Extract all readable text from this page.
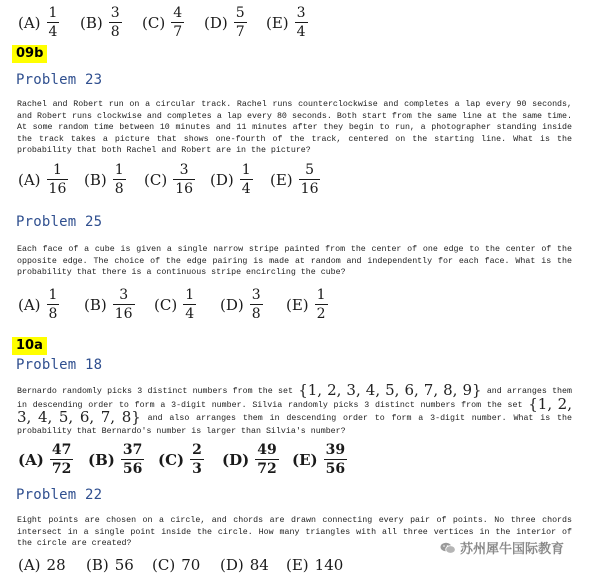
$(A) \frac{1}{4} (B) \frac{3}{8} (C) \frac{4}{7} (D) \frac{5}{7} (E) \frac{3}{4}$
09b
Problem 23

Rachel and Robert run on a circular track. Rachel runs counterclockwise and completes a lap every 90 seconds, and Robert runs clockwise and completes a lap every 80 seconds. Both start from the same line at the same time. At some random time between 10 minutes and 11 minutes after they begin to run, a photographer standing inside the track takes a picture that shows one-fourth of the track, centered on the starting line. What is the probability that both Rachel and Robert are in the picture?

$(A) \frac{1}{16} (B) \frac{1}{8} (C) \frac{3}{16} (D) \frac{1}{4} (E) \frac{5}{16}$
Problem 25

Each face of a cube is given a single narrow stripe painted from the center of one edge to the center of the opposite edge. The choice of the edge pairing is made at random and independently for each face. What is the probability that there is a continuous stripe encircling the cube?

$(A) \frac{1}{8} (B) \frac{3}{16} (C) \frac{1}{4} (D) \frac{3}{8} (E) \frac{1}{2}$
10a
Problem 18

Bernardo randomly picks 3 distinct numbers from the set {1, 2, 3, 4, 5, 6, 7, 8, 9} and arranges them in descending order to form a 3-digit number. Silvia randomly picks 3 distinct numbers from the set {1, 2, 3, 4, 5, 6, 7, 8} and also arranges them in descending order to form a 3-digit number. What is the probability that Bernardo's number is larger than Silvia's number?

$(A) \frac{47}{72} (B) \frac{37}{56} (C) \frac{2}{3} (D) \frac{49}{72} (E) \frac{39}{56}$
Problem 22

Eight points are chosen on a circle, and chords are drawn connecting every pair of points. No three chords intersect in a single point inside the circle. How many triangles with all three vertices in the interior of the circle are created?

(A) 28 (B) 56 (C) 70 (D) 84 (E) 140
苏州犀牛国际教育
